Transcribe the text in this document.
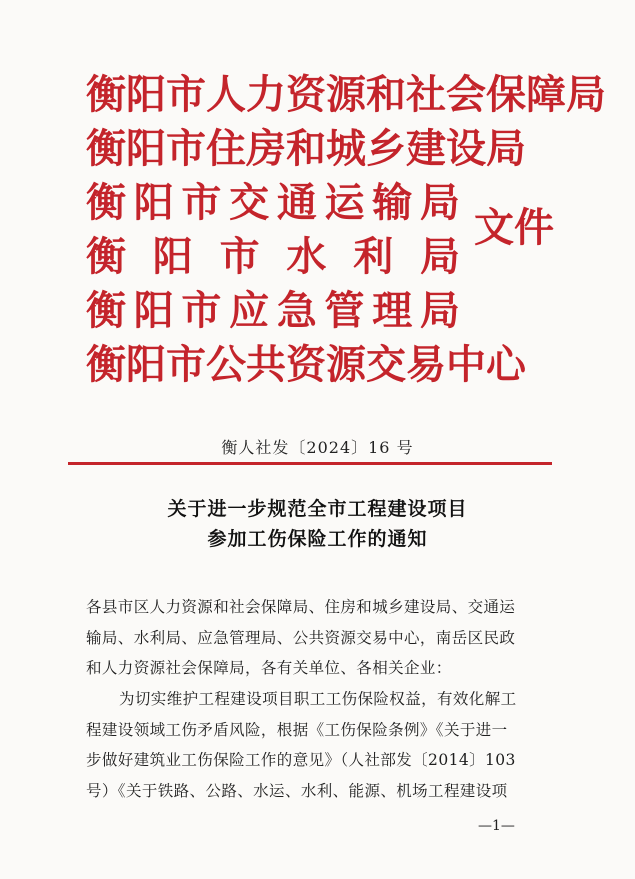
衡阳市人力资源和社会保障局
衡阳市住房和城乡建设局
衡 阳 市 交 通 运 输 局
衡 阳 市 水 利 局
衡 阳 市 应 急 管 理 局
衡阳市公共资源交易中心
文 件
衡人社发〔2024〕16 号
关于进一步规范全市工程建设项目
参加工伤保险工作的通知
各县市区人力资源和社会保障局、住房和城乡建设局、交通运
输局、水利局、应急管理局、公共资源交易中心，南岳区民政
和人力资源社会保障局，各有关单位、各相关企业：
为切实维护工程建设项目职工工伤保险权益，有效化解工
程建设领域工伤矛盾风险，根据《工伤保险条例》《关于进一
步做好建筑业工伤保险工作的意见》（人社部发〔2014〕103
号）《关于铁路、公路、水运、水利、能源、机场工程建设项
—1—
